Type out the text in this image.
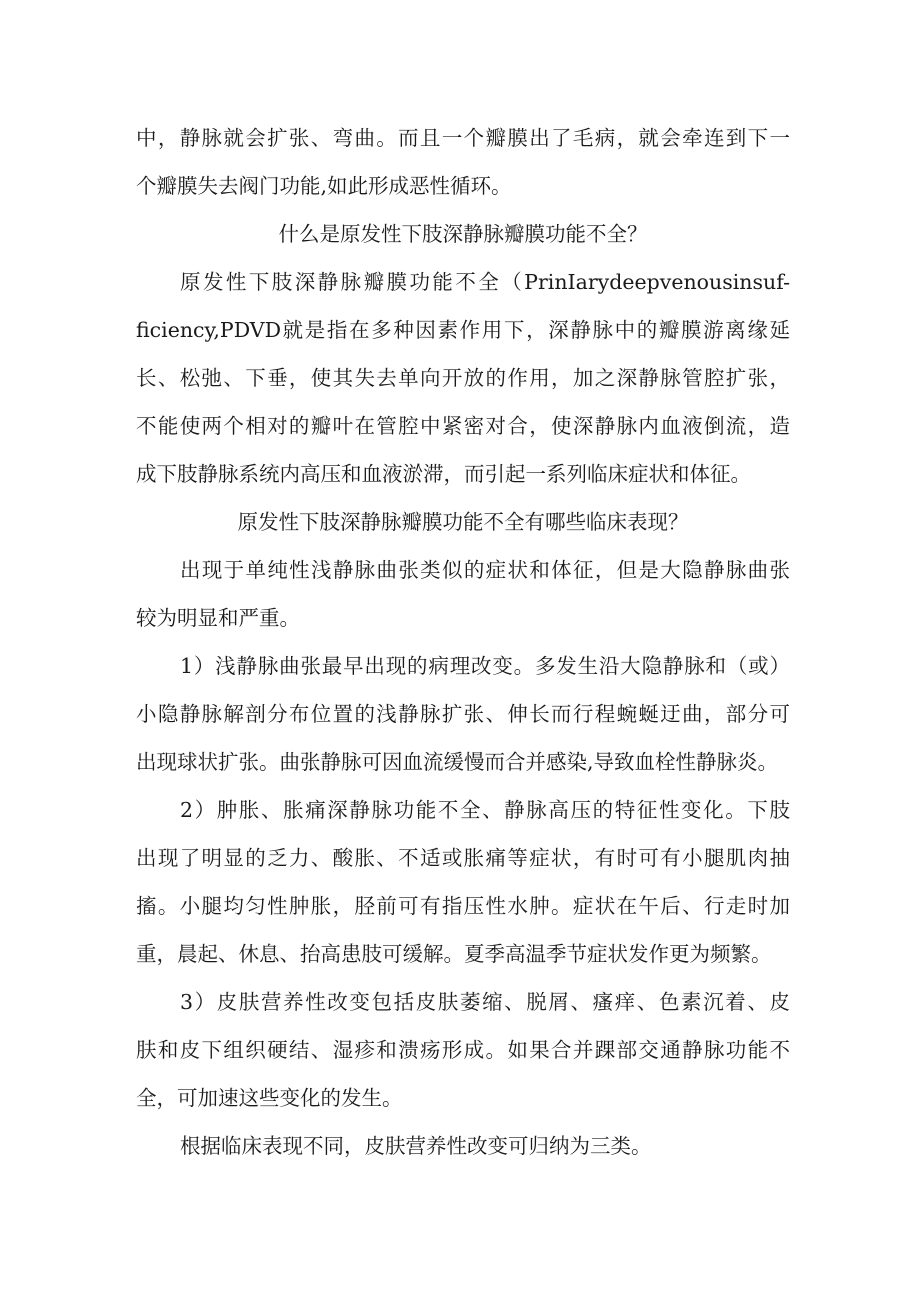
中，静脉就会扩张、弯曲。而且一个瓣膜出了毛病，就会牵连到下一
个瓣膜失去阀门功能,如此形成恶性循环。
什么是原发性下肢深静脉瓣膜功能不全？
原发性下肢深静脉瓣膜功能不全（PrinIarydeepvenousinsuf-
ficiency,PDVD就是指在多种因素作用下，深静脉中的瓣膜游离缘延
长、松弛、下垂，使其失去单向开放的作用，加之深静脉管腔扩张，
不能使两个相对的瓣叶在管腔中紧密对合，使深静脉内血液倒流，造
成下肢静脉系统内高压和血液淤滞，而引起一系列临床症状和体征。
原发性下肢深静脉瓣膜功能不全有哪些临床表现？
出现于单纯性浅静脉曲张类似的症状和体征，但是大隐静脉曲张
较为明显和严重。
1）浅静脉曲张最早出现的病理改变。多发生沿大隐静脉和（或）
小隐静脉解剖分布位置的浅静脉扩张、伸长而行程蜿蜒迂曲，部分可
出现球状扩张。曲张静脉可因血流缓慢而合并感染,导致血栓性静脉炎。
2）肿胀、胀痛深静脉功能不全、静脉高压的特征性变化。下肢
出现了明显的乏力、酸胀、不适或胀痛等症状，有时可有小腿肌肉抽
搐。小腿均匀性肿胀，胫前可有指压性水肿。症状在午后、行走时加
重，晨起、休息、抬高患肢可缓解。夏季高温季节症状发作更为频繁。
3）皮肤营养性改变包括皮肤萎缩、脱屑、瘙痒、色素沉着、皮
肤和皮下组织硬结、湿疹和溃疡形成。如果合并踝部交通静脉功能不
全，可加速这些变化的发生。
根据临床表现不同，皮肤营养性改变可归纳为三类。
